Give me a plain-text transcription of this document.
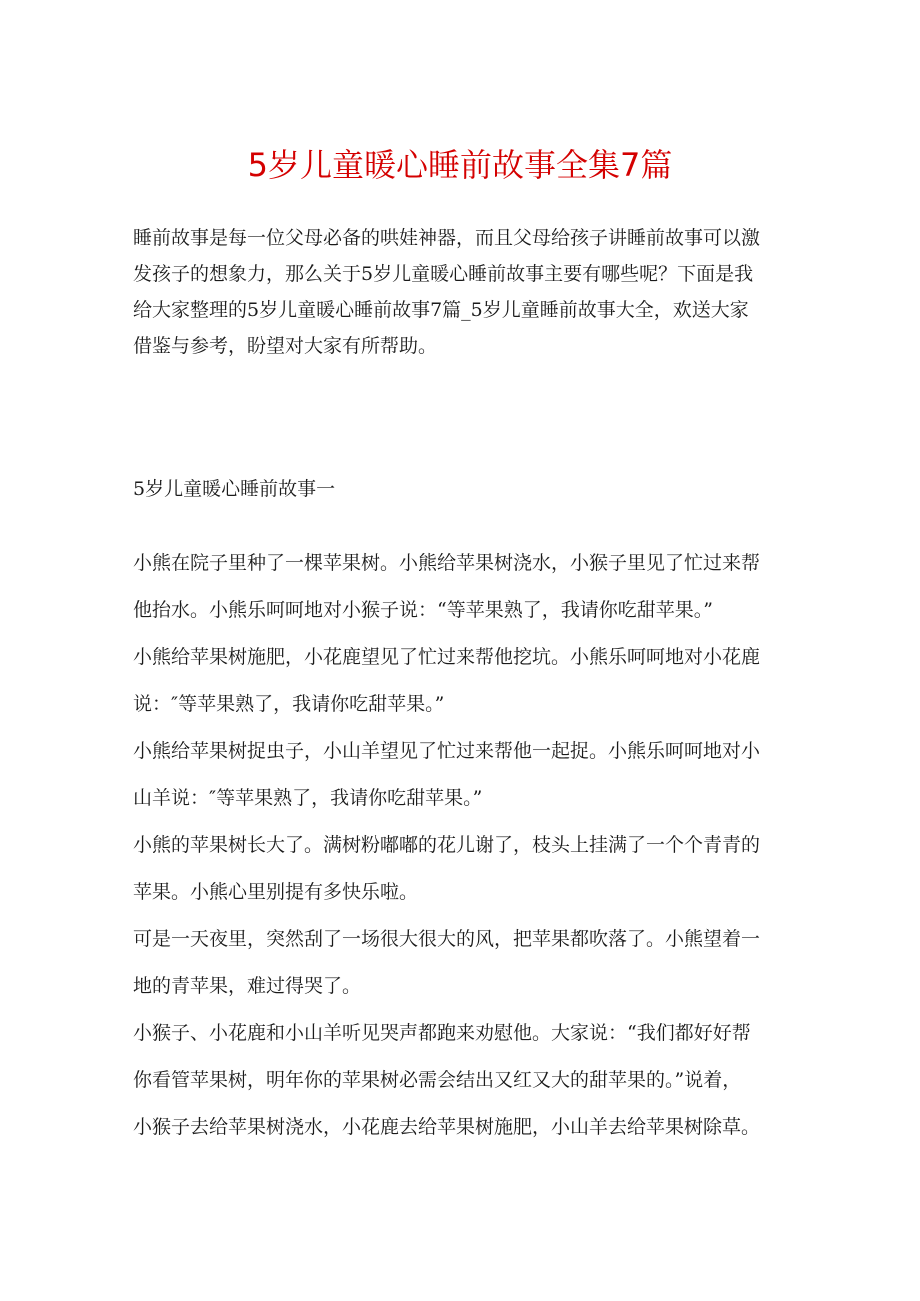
5岁儿童暖心睡前故事全集7篇
睡前故事是每一位父母必备的哄娃神器，而且父母给孩子讲睡前故事可以激
发孩子的想象力，那么关于5岁儿童暖心睡前故事主要有哪些呢？下面是我
给大家整理的5岁儿童暖心睡前故事7篇_5岁儿童睡前故事大全，欢送大家
借鉴与参考，盼望对大家有所帮助。
5岁儿童暖心睡前故事一
小熊在院子里种了一棵苹果树。小熊给苹果树浇水，小猴子里见了忙过来帮
他抬水。小熊乐呵呵地对小猴子说：“等苹果熟了，我请你吃甜苹果。”
小熊给苹果树施肥，小花鹿望见了忙过来帮他挖坑。小熊乐呵呵地对小花鹿
说：″等苹果熟了，我请你吃甜苹果。”
小熊给苹果树捉虫子，小山羊望见了忙过来帮他一起捉。小熊乐呵呵地对小
山羊说：″等苹果熟了，我请你吃甜苹果。”
小熊的苹果树长大了。满树粉嘟嘟的花儿谢了，枝头上挂满了一个个青青的
苹果。小熊心里别提有多快乐啦。
可是一天夜里，突然刮了一场很大很大的风，把苹果都吹落了。小熊望着一
地的青苹果，难过得哭了。
小猴子、小花鹿和小山羊听见哭声都跑来劝慰他。大家说：“我们都好好帮
你看管苹果树，明年你的苹果树必需会结出又红又大的甜苹果的。”说着，
小猴子去给苹果树浇水，小花鹿去给苹果树施肥，小山羊去给苹果树除草。
